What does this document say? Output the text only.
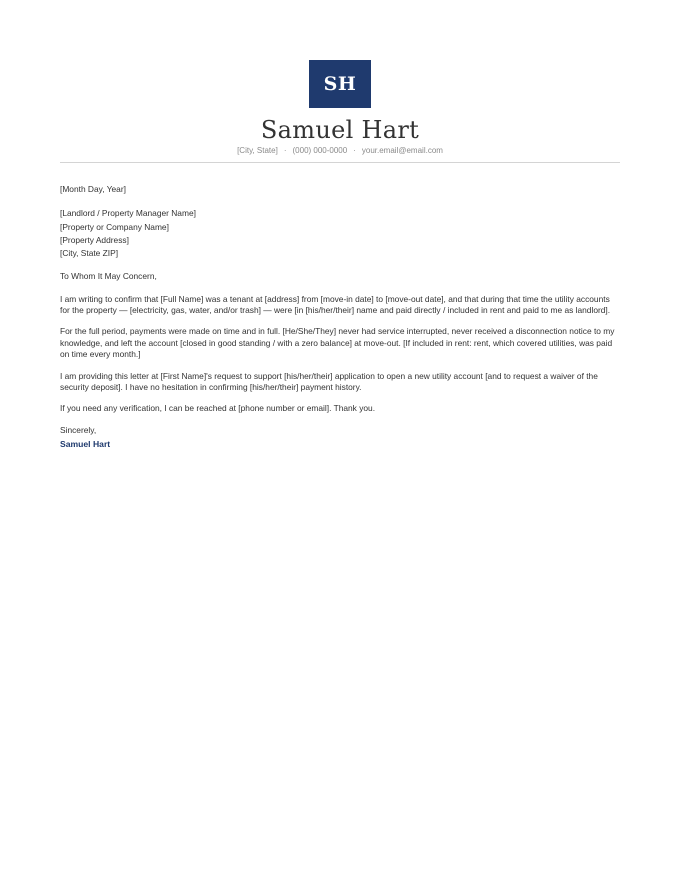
SH
Samuel Hart
[City, State] · (000) 000-0000 · your.email@email.com

[Month Day, Year]

[Landlord / Property Manager Name]
[Property or Company Name]
[Property Address]
[City, State ZIP]

To Whom It May Concern,

I am writing to confirm that [Full Name] was a tenant at [address] from [move-in date] to [move-out date], and that during that time the utility accounts for the property — [electricity, gas, water, and/or trash] — were [in [his/her/their] name and paid directly / included in rent and paid to me as landlord].

For the full period, payments were made on time and in full. [He/She/They] never had service interrupted, never received a disconnection notice to my knowledge, and left the account [closed in good standing / with a zero balance] at move-out. [If included in rent: rent, which covered utilities, was paid on time every month.]

I am providing this letter at [First Name]'s request to support [his/her/their] application to open a new utility account [and to request a waiver of the security deposit]. I have no hesitation in confirming [his/her/their] payment history.

If you need any verification, I can be reached at [phone number or email]. Thank you.

Sincerely,

Samuel Hart
